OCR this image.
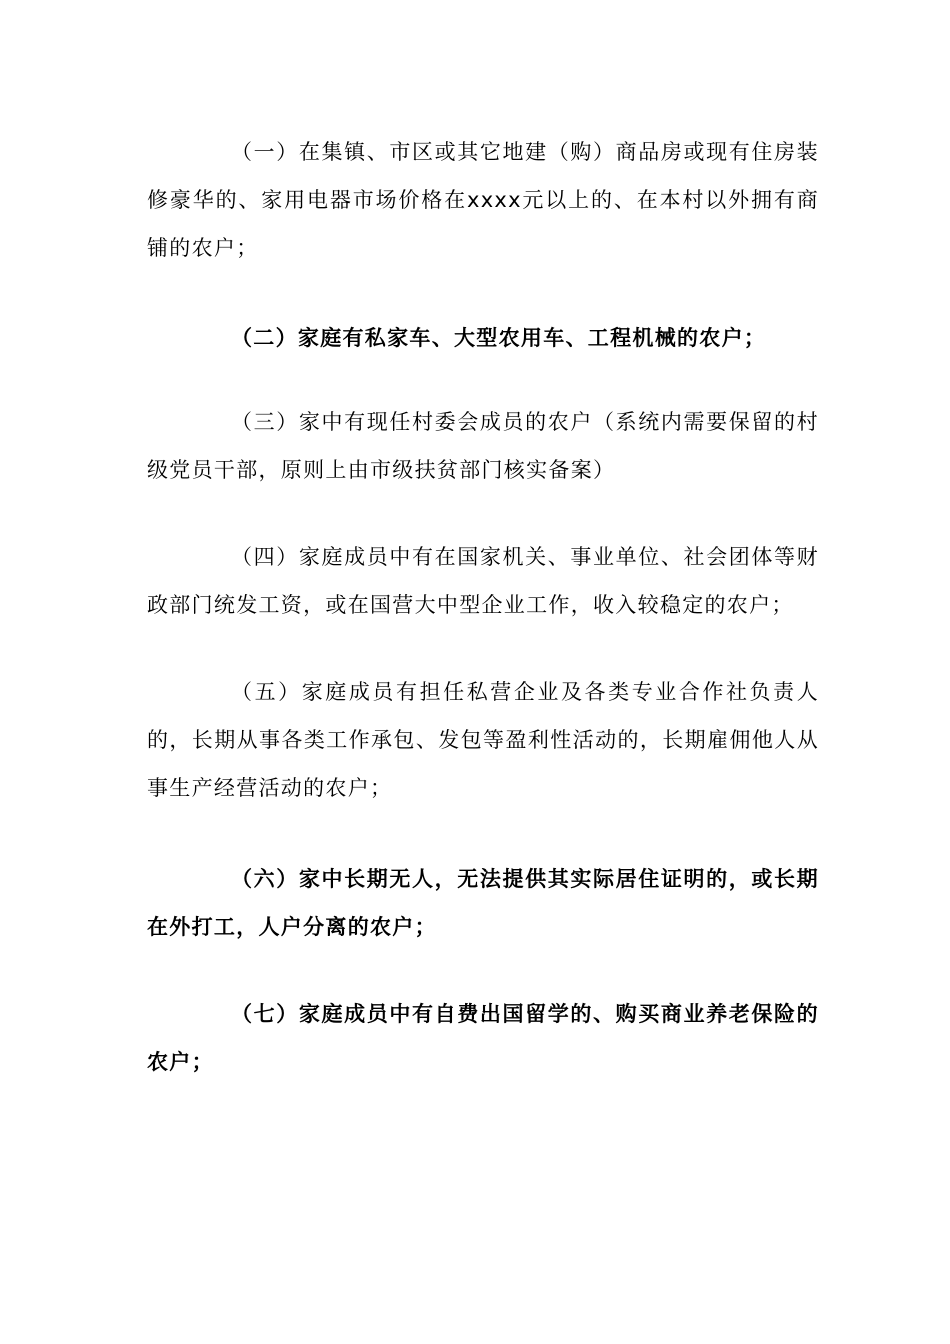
（一）在集镇、市区或其它地建（购）商品房或现有住房装修豪华的、家用电器市场价格在xxxx元以上的、在本村以外拥有商铺的农户；

（二）家庭有私家车、大型农用车、工程机械的农户；

（三）家中有现任村委会成员的农户（系统内需要保留的村级党员干部，原则上由市级扶贫部门核实备案）

（四）家庭成员中有在国家机关、事业单位、社会团体等财政部门统发工资，或在国营大中型企业工作，收入较稳定的农户；

（五）家庭成员有担任私营企业及各类专业合作社负责人的，长期从事各类工作承包、发包等盈利性活动的，长期雇佣他人从事生产经营活动的农户；

（六）家中长期无人，无法提供其实际居住证明的，或长期在外打工，人户分离的农户；

（七）家庭成员中有自费出国留学的、购买商业养老保险的农户；
